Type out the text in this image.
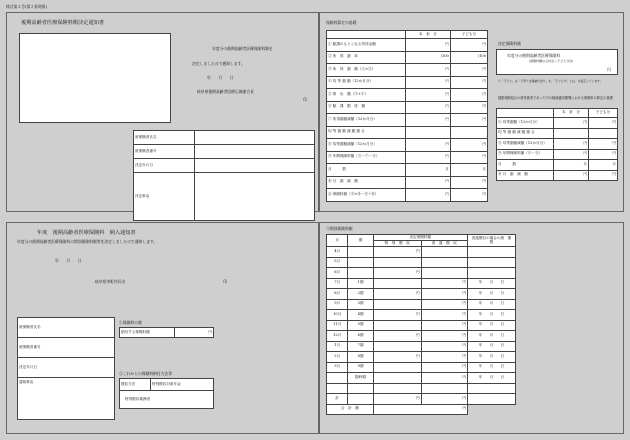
様式第２号(第２条関係)
後期高齢者医療保険料額決定通知書
年度分の後期高齢者医療保険料額を
決定しましたので通知します。
年　　月　　日
岐阜県後期高齢者医療広域連合長
印
被保険者氏名	
被保険者番号	
決定年月日	
決定事由	
保険料算定の基礎
	本　来　分	子ども分
① 賦課のもととなる所得金額	円	円
② 所　得　割　率	/100	/100
③ 所　得　割　額（①×②）	円	円
④ 均 等 割 額（12か月分）	円	円
⑤ 算　出　額（③+④）	円	円
⑥ 賦　課　限　度　額	円	円
⑦ 所得割額減額（12か月分）	円	円
均 等 割 額 減 額 割 合		
⑧ 均等割額減額（12か月分）	円	円
⑨ 年間保険料額（⑤－⑦－⑧）	円	円
月　　　数	月	月
⑩ 月　割　減　額	円	円
⑪ 保険料額（⑨×⑩－⑨÷⑩）	円	円
決定保険料額
年度分の後期高齢者医療保険料
(保険料額の合計⑪＋子ども分⑪)
円
※「子ども」は「子育て支援納付金分」を、「子ども分」とは、を指定しています。
健康保険組合の被扶養者であった方の軽減適用期間における保険料の算定の基礎
	本　来　分	子ども分
④ 均等割額（12か月分）	円	円
均 等 割 額 減 額 割 合		
⑧ 均等割額減額（12か月分）	円	円
⑨ 年間保険料額（④－⑧）	円	円
月　　　数	月	月
⑩ 月　割　減　額	円	円
年度　後期高齢者医療保険料　納入通知書
年度分の後期高齢者医療保険料の期別保険料額等を決定しましたので通知します。
年　　月　　日
岐阜県市町村長名	印
被保険者氏名
被保険者番号
決定年月日
通知事由
①保険料の額
納付する保険料額	円
②これからの保険料納付方法等
徴収方法	特別徴収対象年金
特別徴収義務者
③期別保険料額
月	期	決定保険料額		普通徴収の場合の納　期　限
		特　別　徴　収	普　通　徴　収	
4月		円		
5月				
6月		円		
7月	1期		円	年　　月　　日
8月	2期	円	円	年　　月　　日
9月	3期		円	年　　月　　日
10月	4期	円	円	年　　月　　日
11月	5期		円	年　　月　　日
12月	6期	円	円	年　　月　　日
1月	7期		円	年　　月　　日
2月	8期	円	円	年　　月　　日
3月	9期		円	年　　月　　日
	随時期		円	年　　月　　日

計		円	円	
合　計　額		円		
